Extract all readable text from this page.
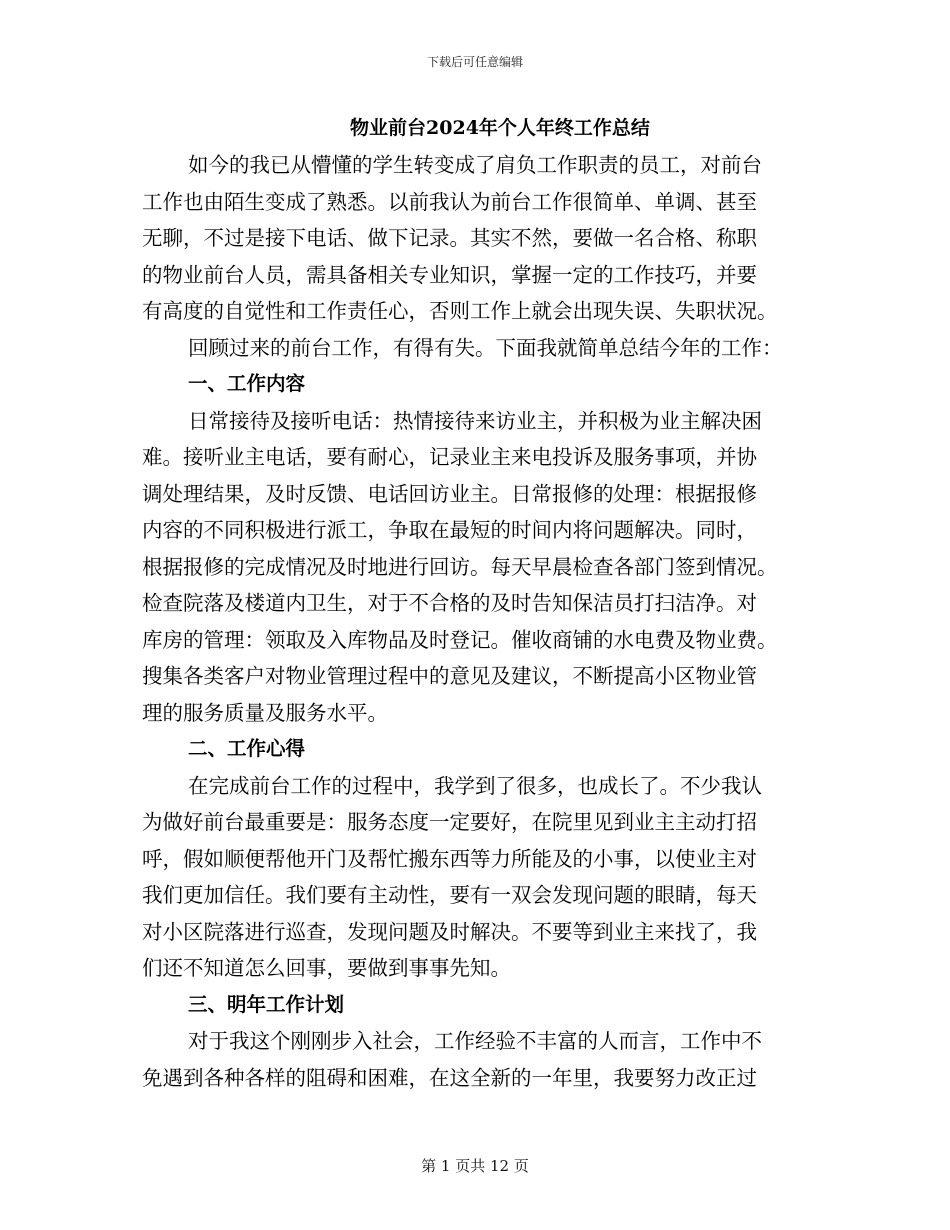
下载后可任意编辑
物业前台2024年个人年终工作总结
如今的我已从懵懂的学生转变成了肩负工作职责的员工，对前台
工作也由陌生变成了熟悉。以前我认为前台工作很简单、单调、甚至
无聊，不过是接下电话、做下记录。其实不然，要做一名合格、称职
的物业前台人员，需具备相关专业知识，掌握一定的工作技巧，并要
有高度的自觉性和工作责任心，否则工作上就会出现失误、失职状况。
回顾过来的前台工作，有得有失。下面我就简单总结今年的工作：
一、工作内容
日常接待及接听电话：热情接待来访业主，并积极为业主解决困
难。接听业主电话，要有耐心，记录业主来电投诉及服务事项，并协
调处理结果，及时反馈、电话回访业主。日常报修的处理：根据报修
内容的不同积极进行派工，争取在最短的时间内将问题解决。同时，
根据报修的完成情况及时地进行回访。每天早晨检查各部门签到情况。
检查院落及楼道内卫生，对于不合格的及时告知保洁员打扫洁净。对
库房的管理：领取及入库物品及时登记。催收商铺的水电费及物业费。
搜集各类客户对物业管理过程中的意见及建议，不断提高小区物业管
理的服务质量及服务水平。
二、工作心得
在完成前台工作的过程中，我学到了很多，也成长了。不少我认
为做好前台最重要是：服务态度一定要好，在院里见到业主主动打招
呼，假如顺便帮他开门及帮忙搬东西等力所能及的小事，以使业主对
我们更加信任。我们要有主动性，要有一双会发现问题的眼睛，每天
对小区院落进行巡查，发现问题及时解决。不要等到业主来找了，我
们还不知道怎么回事，要做到事事先知。
三、明年工作计划
对于我这个刚刚步入社会，工作经验不丰富的人而言，工作中不
免遇到各种各样的阻碍和困难，在这全新的一年里，我要努力改正过
第 1 页共 12 页
